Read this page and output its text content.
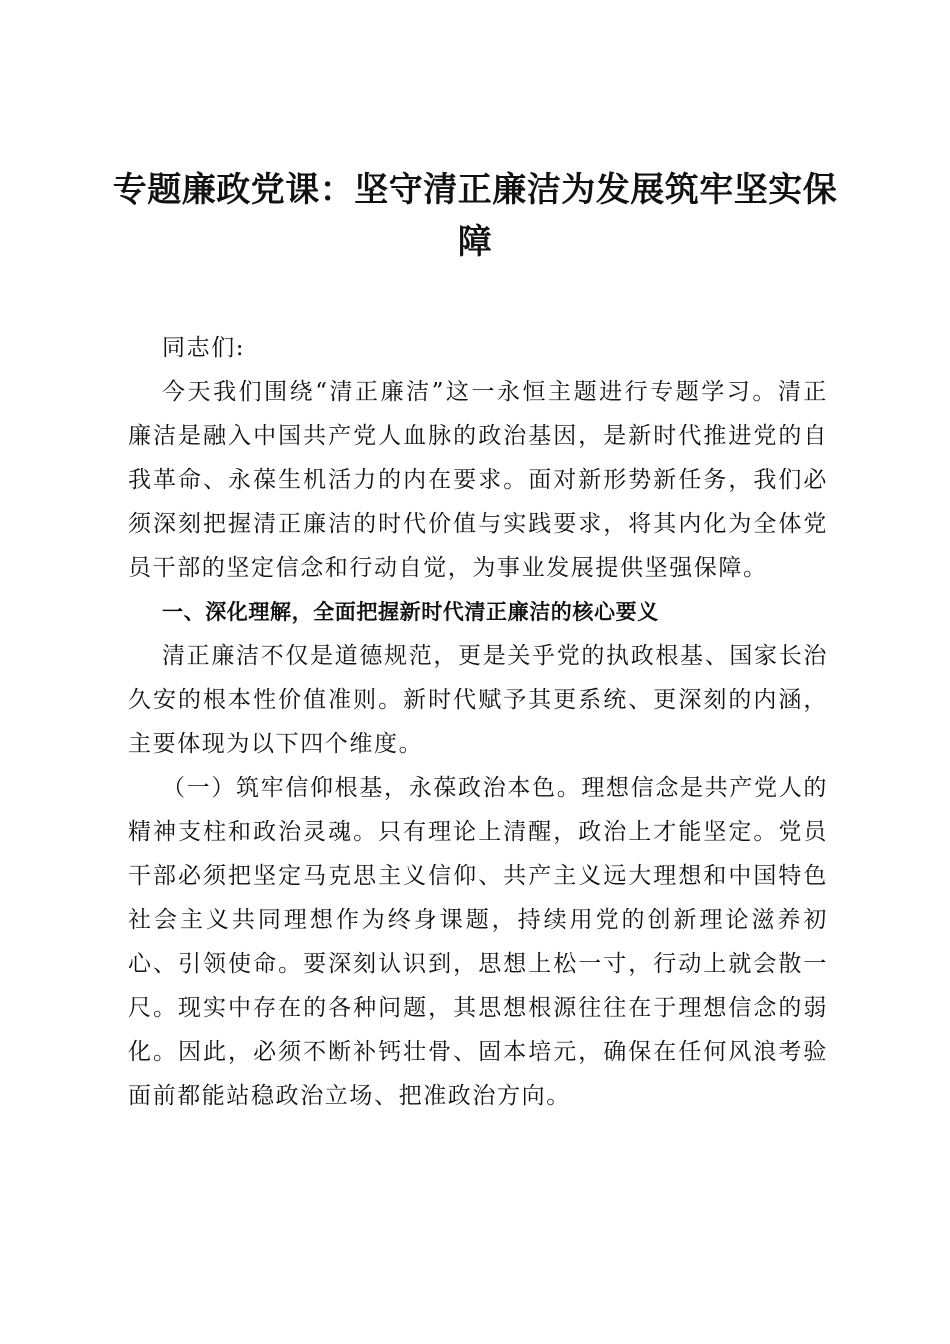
专题廉政党课：坚守清正廉洁为发展筑牢坚实保障

同志们:

今天我们围绕“清正廉洁”这一永恒主题进行专题学习。清正廉洁是融入中国共产党人血脉的政治基因，是新时代推进党的自我革命、永葆生机活力的内在要求。面对新形势新任务，我们必须深刻把握清正廉洁的时代价值与实践要求，将其内化为全体党员干部的坚定信念和行动自觉，为事业发展提供坚强保障。

一、深化理解，全面把握新时代清正廉洁的核心要义

清正廉洁不仅是道德规范，更是关乎党的执政根基、国家长治久安的根本性价值准则。新时代赋予其更系统、更深刻的内涵，主要体现为以下四个维度。

（一）筑牢信仰根基，永葆政治本色。理想信念是共产党人的精神支柱和政治灵魂。只有理论上清醒，政治上才能坚定。党员干部必须把坚定马克思主义信仰、共产主义远大理想和中国特色社会主义共同理想作为终身课题，持续用党的创新理论滋养初心、引领使命。要深刻认识到，思想上松一寸，行动上就会散一尺。现实中存在的各种问题，其思想根源往往在于理想信念的弱化。因此，必须不断补钙壮骨、固本培元，确保在任何风浪考验面前都能站稳政治立场、把准政治方向。
